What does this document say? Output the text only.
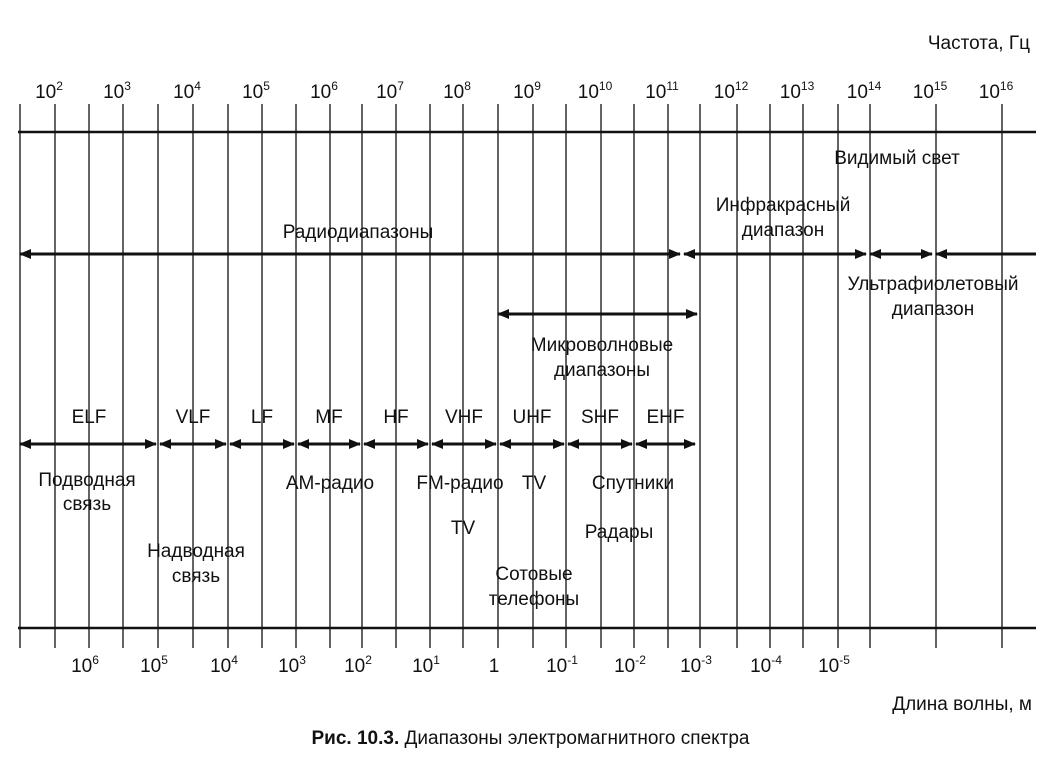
Частота, Гц
Длина волны, м
$10^2$ $10^3$ $10^4$ $10^5$ $10^6$ $10^7$ $10^8$ $10^9$ $10^{10}$ $10^{11}$ $10^{12}$ $10^{13}$ $10^{14}$ $10^{15}$ $10^{16}$
$10^6$ $10^5$ $10^4$ $10^3$ $10^2$ $10^1$	1 $10^{-1}$ $10^{-2}$ $10^{-3}$ $10^{-4}$ $10^{-5}$
Радиодиапазоны
Видимый свет
Инфракрасный
диапазон
Ультрафиолетовый
диапазон
Микроволновые
диапазоны
ELF	VLF LF MF HF VHF UHF SHF EHF
Подводная
связь
Надводная
связь
AM-радио FM-радио TV
TV
Сотовые
телефоны
Спутники
Радары
Рис. 10.3. Диапазоны электромагнитного спектра
